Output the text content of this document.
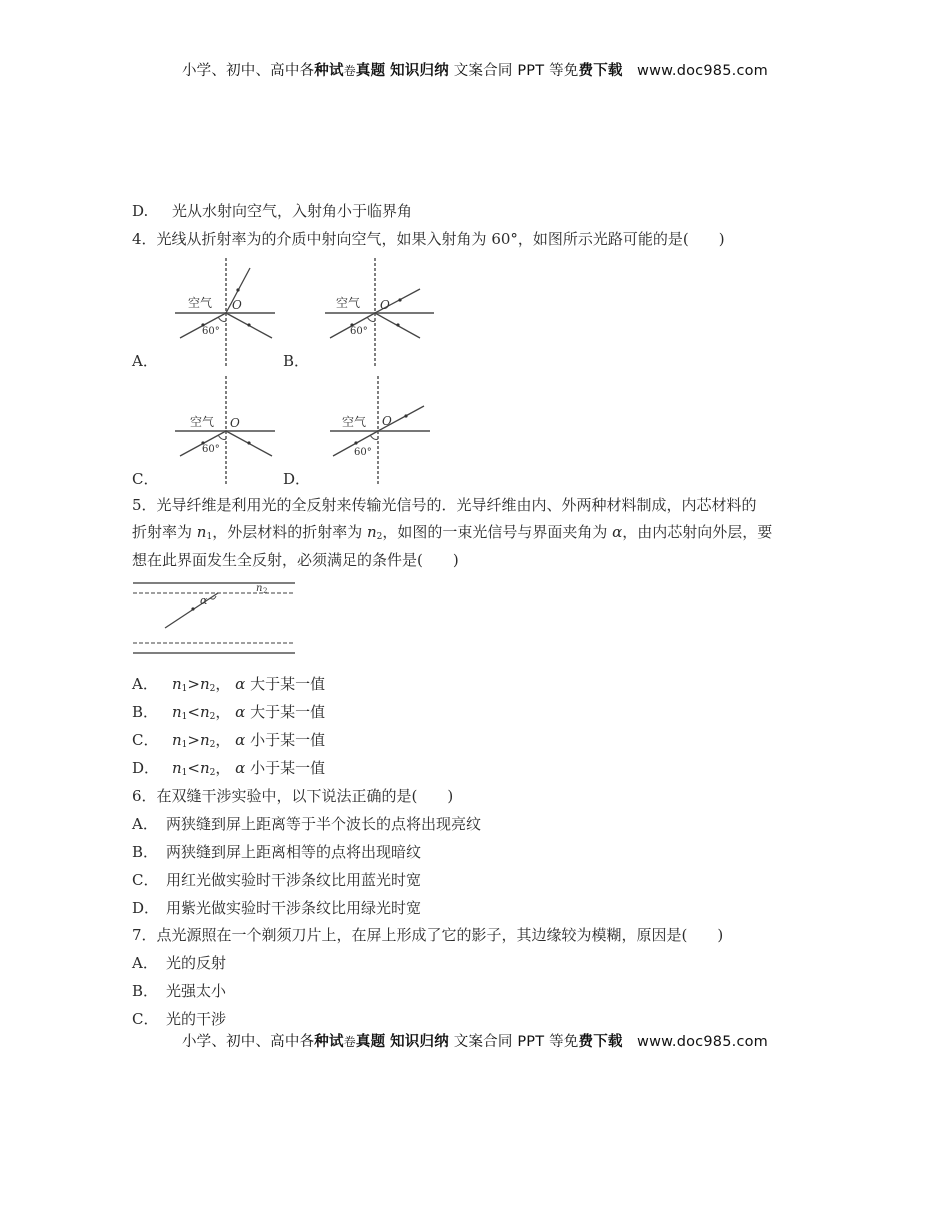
小学、初中、高中各种试卷真题 知识归纳 文案合同 PPT 等免费下载   www.doc985.com
D. 光从水射向空气，入射角小于临界角
4．光线从折射率为的介质中射向空气，如果入射角为 60°，如图所示光路可能的是(　　)
空气 O
60°
A．
空气 O
60°
B．
空气 O
60°
C．
空气 O
60°
D．
5．光导纤维是利用光的全反射来传输光信号的．光导纤维由内、外两种材料制成，内芯材料的
折射率为 $n_1$，外层材料的折射率为 $n_2$，如图的一束光信号与界面夹角为 α，由内芯射向外层，要
想在此界面发生全反射，必须满足的条件是(　　)
α
n 2
A． $n_1>n_2$， α 大于某一值
B． $n_1<n_2$， α 大于某一值
C． $n_1>n_2$， α 小于某一值
D． $n_1<n_2$， α 小于某一值
6．在双缝干涉实验中，以下说法正确的是(　　)
A． 两狭缝到屏上距离等于半个波长的点将出现亮纹
B． 两狭缝到屏上距离相等的点将出现暗纹
C． 用红光做实验时干涉条纹比用蓝光时宽
D． 用紫光做实验时干涉条纹比用绿光时宽
7．点光源照在一个剃须刀片上，在屏上形成了它的影子，其边缘较为模糊，原因是(　　)
A． 光的反射
B． 光强太小
C． 光的干涉
小学、初中、高中各种试卷真题 知识归纳 文案合同 PPT 等免费下载   www.doc985.com
